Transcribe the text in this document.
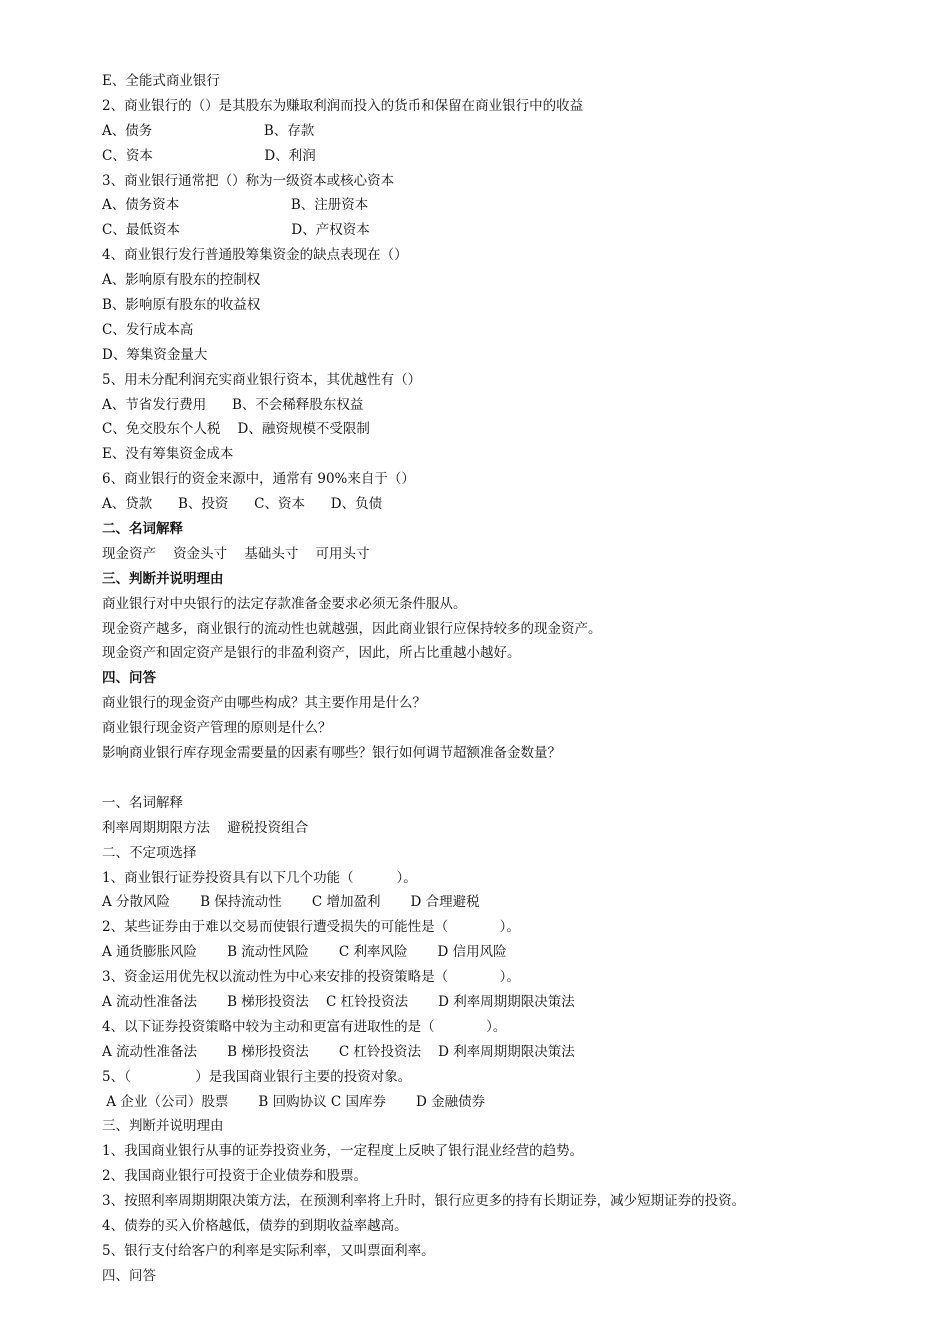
E、全能式商业银行
2、商业银行的（）是其股东为赚取利润而投入的货币和保留在商业银行中的收益
A、债务                          B、存款
C、资本                          D、利润
3、商业银行通常把（）称为一级资本或核心资本
A、债务资本                          B、注册资本
C、最低资本                          D、产权资本
4、商业银行发行普通股筹集资金的缺点表现在（）
A、影响原有股东的控制权
B、影响原有股东的收益权
C、发行成本高
D、筹集资金量大
5、用未分配利润充实商业银行资本，其优越性有（）
A、节省发行费用      B、不会稀释股东权益
C、免交股东个人税    D、融资规模不受限制
E、没有筹集资金成本
6、商业银行的资金来源中，通常有 90%来自于（）
A、贷款      B、投资      C、资本      D、负债
二、名词解释
现金资产    资金头寸    基础头寸    可用头寸
三、判断并说明理由
商业银行对中央银行的法定存款准备金要求必须无条件服从。
现金资产越多，商业银行的流动性也就越强，因此商业银行应保持较多的现金资产。
现金资产和固定资产是银行的非盈利资产，因此，所占比重越小越好。
四、问答
商业银行的现金资产由哪些构成？其主要作用是什么？
商业银行现金资产管理的原则是什么？
影响商业银行库存现金需要量的因素有哪些？银行如何调节超额准备金数量？
一、名词解释
利率周期期限方法    避税投资组合
二、不定项选择
1、商业银行证券投资具有以下几个功能（          ）。
A 分散风险       B 保持流动性       C 增加盈利       D 合理避税
2、某些证券由于难以交易而使银行遭受损失的可能性是（            ）。
A 通货膨胀风险       B 流动性风险       C 利率风险       D 信用风险
3、资金运用优先权以流动性为中心来安排的投资策略是（            ）。
A 流动性准备法       B 梯形投资法    C 杠铃投资法       D 利率周期期限决策法
4、以下证券投资策略中较为主动和更富有进取性的是（            ）。
A 流动性准备法       B 梯形投资法       C 杠铃投资法    D 利率周期期限决策法
5、（               ）是我国商业银行主要的投资对象。
A 企业（公司）股票       B 回购协议 C 国库券       D 金融债券
三、判断并说明理由
1、我国商业银行从事的证券投资业务，一定程度上反映了银行混业经营的趋势。
2、我国商业银行可投资于企业债券和股票。
3、按照利率周期期限决策方法，在预测利率将上升时，银行应更多的持有长期证券，减少短期证券的投资。
4、债券的买入价格越低，债券的到期收益率越高。
5、银行支付给客户的利率是实际利率，又叫票面利率。
四、问答
